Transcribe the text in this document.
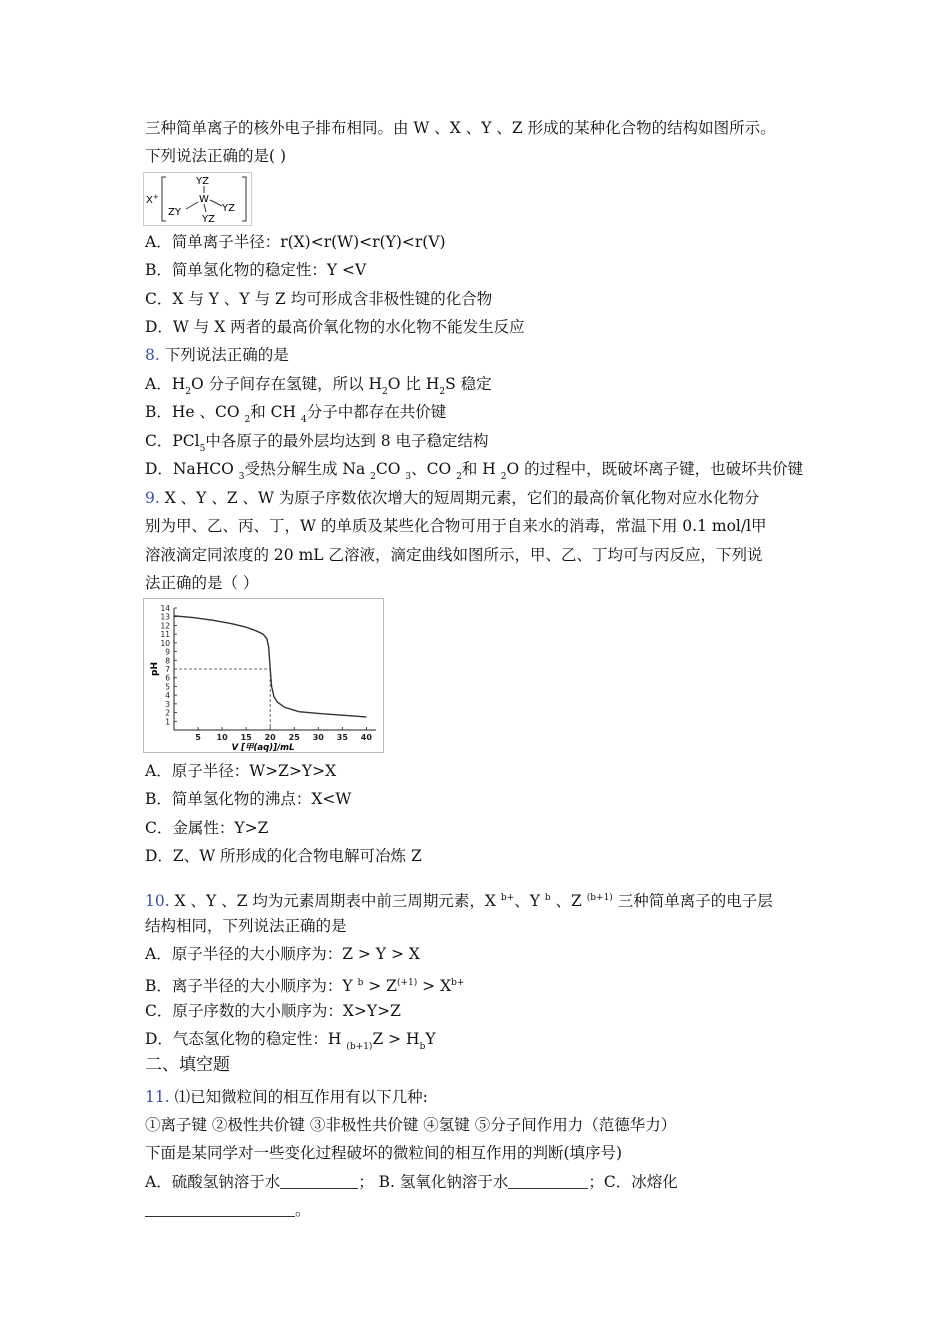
三种简单离子的核外电子排布相同。由 W 、X 、Y 、Z 形成的某种化合物的结构如图所示。
下列说法正确的是( )
X+
YZ
W
ZY	YZ
YZ
A．简单离子半径：r(X)<r(W)<r(Y)<r(V)
B．简单氢化物的稳定性：Y <V
C．X 与 Y 、Y 与 Z 均可形成含非极性键的化合物
D．W 与 X 两者的最高价氧化物的水化物不能发生反应
8. 下列说法正确的是
A．$H_2O$ 分子间存在氢键，所以 $H_2O$ 比 $H_2S$ 稳定
B．He 、CO $_2$和 CH $_4$分子中都存在共价键
C．PCl$_5$中各原子的最外层均达到 8 电子稳定结构
D．NaHCO $_3$受热分解生成 Na $_2$CO $_3$、CO $_2$和 H $_2$O 的过程中，既破坏离子键，也破坏共价键
9. X 、Y 、Z 、W 为原子序数依次增大的短周期元素，它们的最高价氧化物对应水化物分
别为甲、乙、丙、丁，W 的单质及某些化合物可用于自来水的消毒，常温下用 0.1 mol/l甲
溶液滴定同浓度的 20 mL 乙溶液，滴定曲线如图所示，甲、乙、丁均可与丙反应，下列说
法正确的是（ ）
1
2
3
4
5
6
7
8
9
10
11
12
13
14
5 10 15 20 25 30 35 40
pH
V [甲(aq)]/mL
A．原子半径：W>Z>Y>X
B．简单氢化物的沸点：X<W
C．金属性：Y>Z
D．Z、W 所形成的化合物电解可冶炼 Z
10. X 、Y 、Z 均为元素周期表中前三周期元素，X $^{b+}$、Y $^b$ 、Z $^{(b+1)}$ 三种简单离子的电子层
结构相同，下列说法正确的是
A．原子半径的大小顺序为：Z > Y > X
B．离子半径的大小顺序为：Y $^b > Z^{(+1)} > X^{b+}$
C．原子序数的大小顺序为：X>Y>Z
D．气态氢化物的稳定性：H $_{(b+1)}Z > H_bY$
二、填空题
11. ⑴已知微粒间的相互作用有以下几种:
①离子键 ②极性共价键 ③非极性共价键 ④氢键 ⑤分子间作用力（范德华力）
下面是某同学对一些变化过程破坏的微粒间的相互作用的判断(填序号)
A．硫酸氢钠溶于水	； B. 氢氧化钠溶于水	；C．冰熔化
。
